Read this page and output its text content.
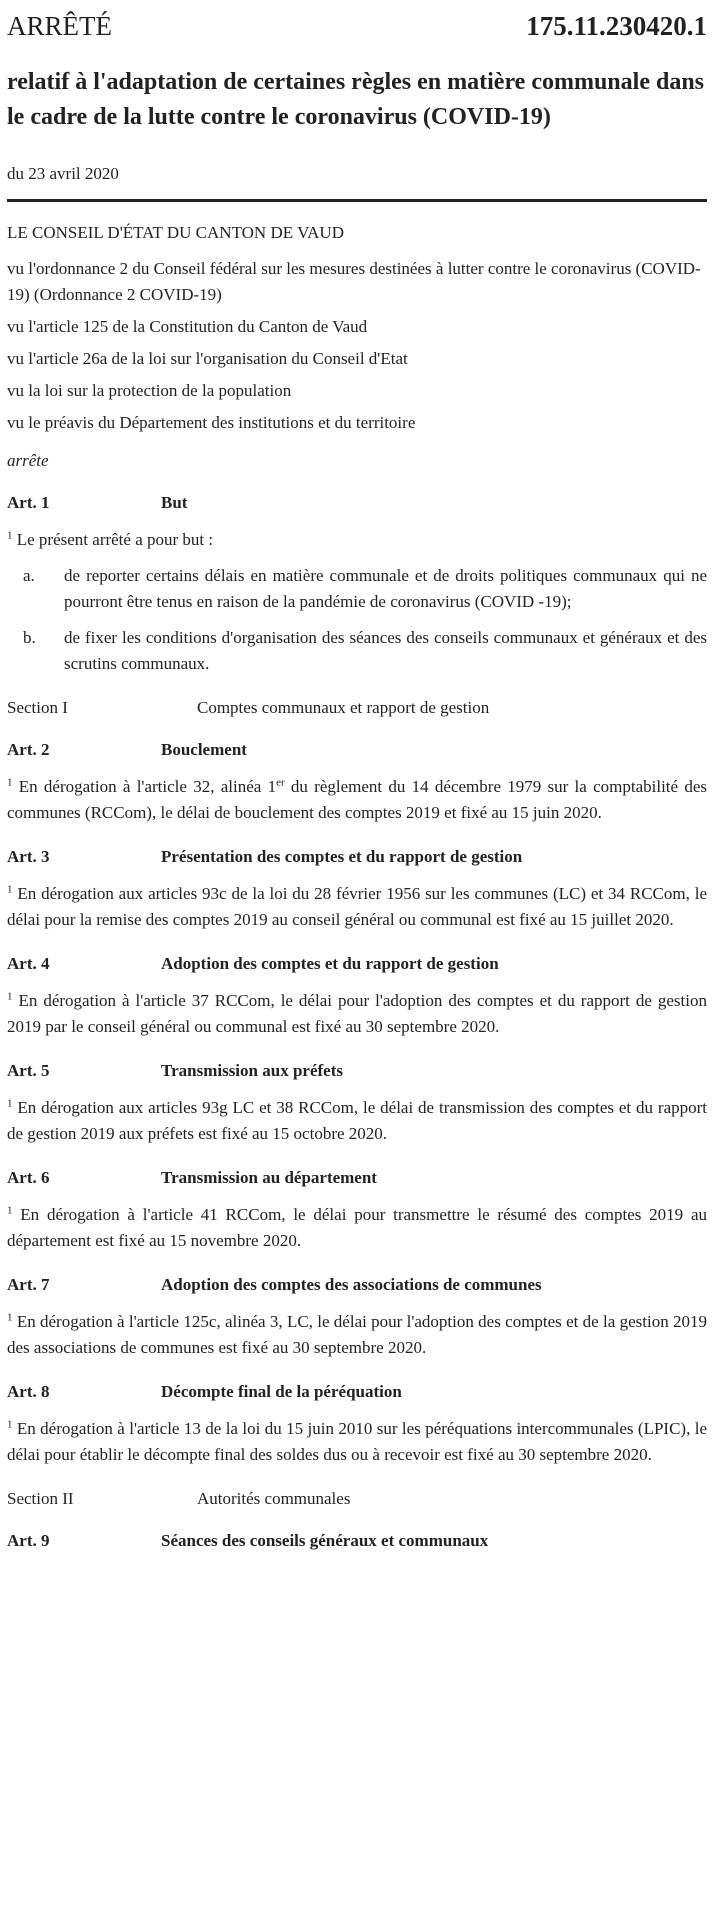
ARRÊTÉ	175.11.230420.1
relatif à l'adaptation de certaines règles en matière communale dans le cadre de la lutte contre le coronavirus (COVID-19)
du 23 avril 2020
LE CONSEIL D'ÉTAT DU CANTON DE VAUD
vu l'ordonnance 2 du Conseil fédéral sur les mesures destinées à lutter contre le coronavirus (COVID-19) (Ordonnance 2 COVID-19)
vu l'article 125 de la Constitution du Canton de Vaud
vu l'article 26a de la loi sur l'organisation du Conseil d'Etat
vu la loi sur la protection de la population
vu le préavis du Département des institutions et du territoire
arrête
Art. 1	But
$^1$ Le présent arrêté a pour but :
a.	de reporter certains délais en matière communale et de droits politiques communaux qui ne pourront être tenus en raison de la pandémie de coronavirus (COVID -19);
b.	de fixer les conditions d'organisation des séances des conseils communaux et généraux et des scrutins communaux.
Section I	Comptes communaux et rapport de gestion
Art. 2	Bouclement
$^1$ En dérogation à l'article 32, alinéa 1er du règlement du 14 décembre 1979 sur la comptabilité des communes (RCCom), le délai de bouclement des comptes 2019 et fixé au 15 juin 2020.
Art. 3	Présentation des comptes et du rapport de gestion
$^1$ En dérogation aux articles 93c de la loi du 28 février 1956 sur les communes (LC) et 34 RCCom, le délai pour la remise des comptes 2019 au conseil général ou communal est fixé au 15 juillet 2020.
Art. 4	Adoption des comptes et du rapport de gestion
$^1$ En dérogation à l'article 37 RCCom, le délai pour l'adoption des comptes et du rapport de gestion 2019 par le conseil général ou communal est fixé au 30 septembre 2020.
Art. 5	Transmission aux préfets
$^1$ En dérogation aux articles 93g LC et 38 RCCom, le délai de transmission des comptes et du rapport de gestion 2019 aux préfets est fixé au 15 octobre 2020.
Art. 6	Transmission au département
$^1$ En dérogation à l'article 41 RCCom, le délai pour transmettre le résumé des comptes 2019 au département est fixé au 15 novembre 2020.
Art. 7	Adoption des comptes des associations de communes
$^1$ En dérogation à l'article 125c, alinéa 3, LC, le délai pour l'adoption des comptes et de la gestion 2019 des associations de communes est fixé au 30 septembre 2020.
Art. 8	Décompte final de la péréquation
$^1$ En dérogation à l'article 13 de la loi du 15 juin 2010 sur les péréquations intercommunales (LPIC), le délai pour établir le décompte final des soldes dus ou à recevoir est fixé au 30 septembre 2020.
Section II	Autorités communales
Art. 9	Séances des conseils généraux et communaux
